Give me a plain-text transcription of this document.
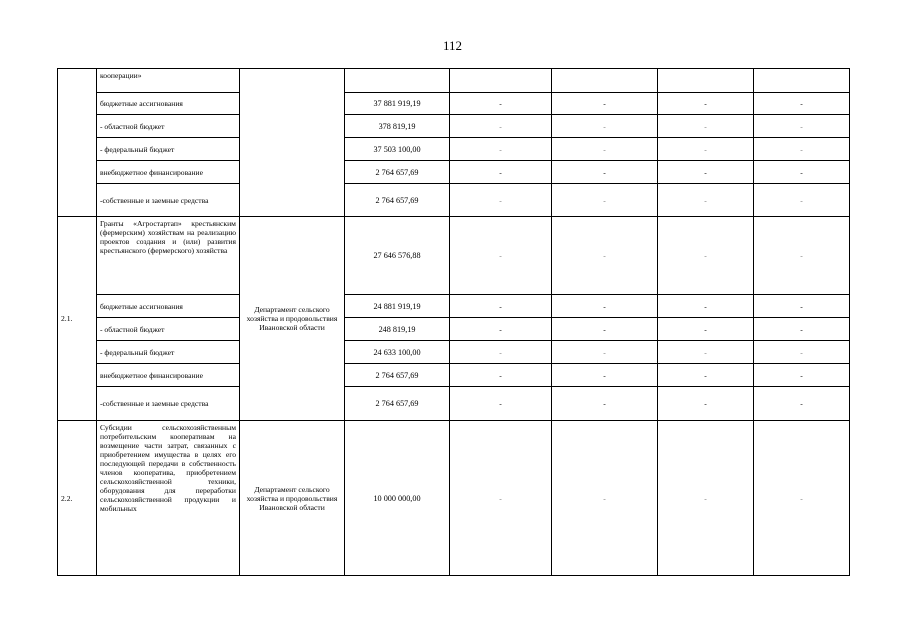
112
	кооперации»						
	бюджетные ассигнования		37 881 919,19	-	-	-	-
	- областной бюджет		378 819,19	-	-	-	-
	- федеральный бюджет		37 503 100,00	-	-	-	-
	внебюджетное финансирование		2 764 657,69	-	-	-	-
	-собственные и заемные средства		2 764 657,69	-	-	-	-
2.1.	Гранты «Агростартап» крестьянским (фермерским) хозяйствам на реализацию проектов создания и (или) развития крестьянского (фермерского) хозяйства	Департамент сельского хозяйства и продовольствия Ивановской области	27 646 576,88	-	-	-	-
	бюджетные ассигнования		24 881 919,19	-	-	-	-
	- областной бюджет		248 819,19	-	-	-	-
	- федеральный бюджет		24 633 100,00	-	-	-	-
	внебюджетное финансирование		2 764 657,69	-	-	-	-
	-собственные и заемные средства		2 764 657,69	-	-	-	-
2.2.	Субсидии сельскохозяйственным потребительским кооперативам на возмещение части затрат, связанных с приобретением имущества в целях его последующей передачи в собственность членов кооператива, приобретением сельскохозяйственной техники, оборудования для переработки сельскохозяйственной продукции и мобильных	Департамент сельского хозяйства и продовольствия Ивановской области	10 000 000,00	-	-	-	-
